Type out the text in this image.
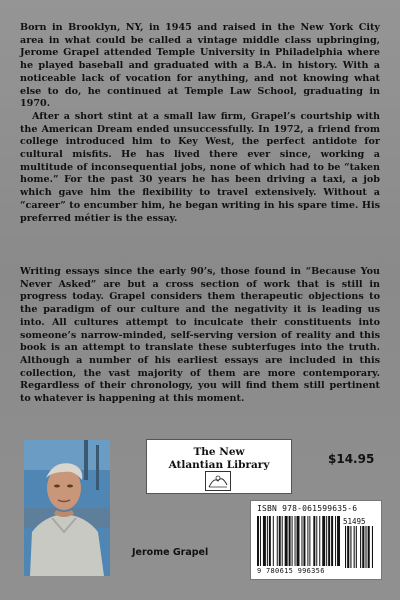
Born in Brooklyn, NY, in 1945 and raised in the New York City area in what could be called a vintage middle class upbringing, Jerome Grapel attended Temple University in Philadelphia where he played baseball and graduated with a B.A. in history. With a noticeable lack of vocation for anything, and not knowing what else to do, he continued at Temple Law School, graduating in 1970.

After a short stint at a small law firm, Grapel’s courtship with the American Dream ended unsuccessfully. In 1972, a friend from college introduced him to Key West, the perfect antidote for cultural misfits. He has lived there ever since, working a multitude of inconsequential jobs, none of which had to be “taken home.” For the past 30 years he has been driving a taxi, a job which gave him the flexibility to travel extensively. Without a “career” to encumber him, he began writing in his spare time. His preferred métier is the essay.

Writing essays since the early 90’s, those found in “Because You Never Asked” are but a cross section of work that is still in progress today. Grapel considers them therapeutic objections to the paradigm of our culture and the negativity it is leading us into. All cultures attempt to inculcate their constituents into someone’s narrow-minded, self-serving version of reality and this book is an attempt to translate these subterfuges into the truth. Although a number of his earliest essays are included in this collection, the vast majority of them are more contemporary. Regardless of their chronology, you will find them still pertinent to whatever is happening at this moment.

The New
Atlantian Library	$14.95
Jerome Grapel
ISBN 978-061599635-6
51495
9 780615 996356
